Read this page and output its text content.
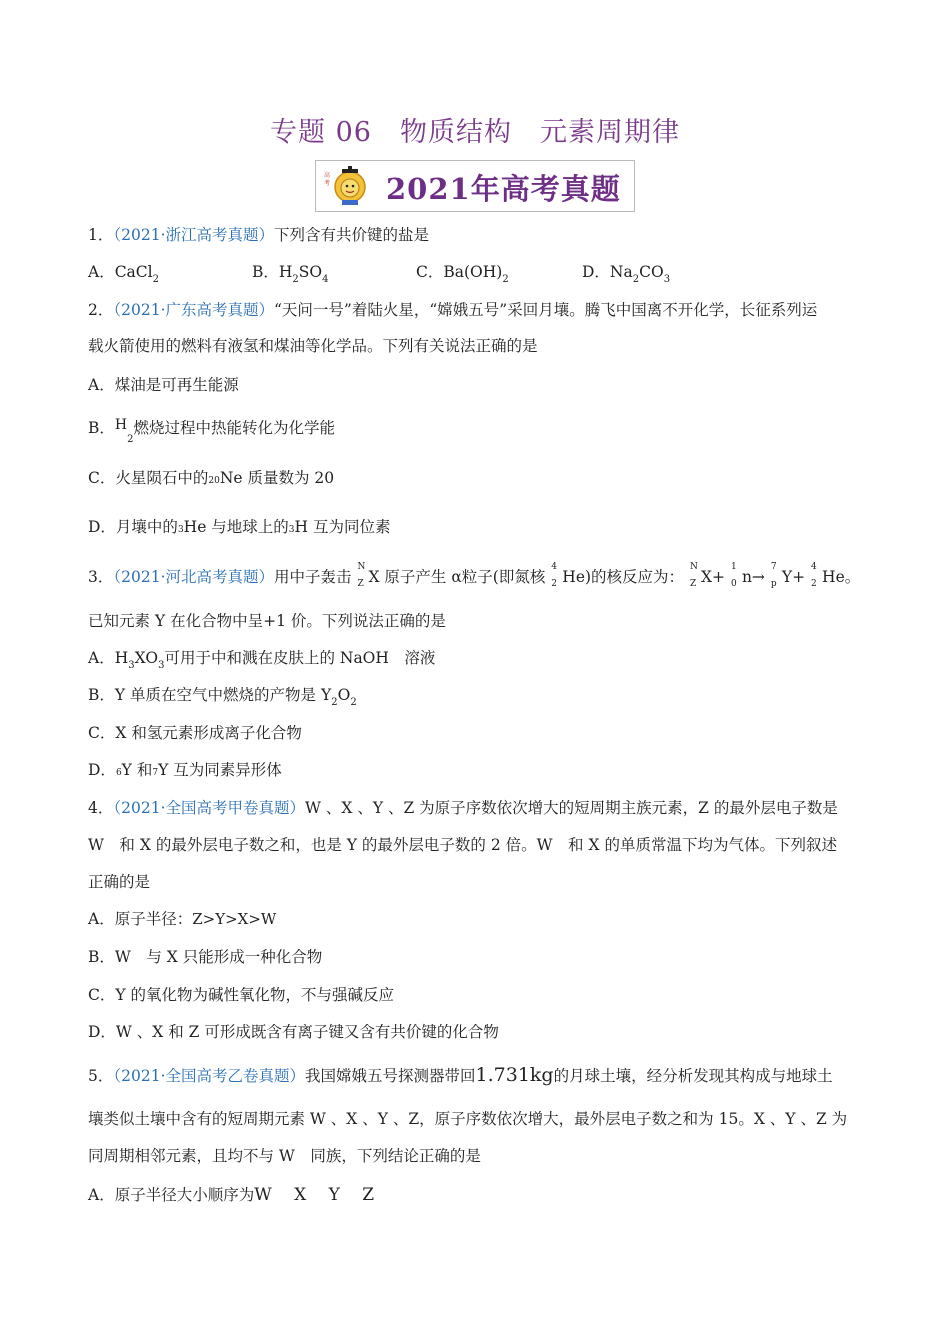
专题 06　物质结构　元素周期律
高
考 2021年高考真题
1．（2021·浙江高考真题）下列含有共价键的盐是
A．CaCl$_2$	B．$H_2SO_4$	C．$Ba(OH)_2$	D．$Na_2CO_3$
2．（2021·广东高考真题）“天问一号”着陆火星，“嫦娥五号”采回月壤。腾飞中国离不开化学，长征系列运
载火箭使用的燃料有液氢和煤油等化学品。下列有关说法正确的是
A．煤油是可再生能源
B．$H_2$燃烧过程中热能转化为化学能
C．火星陨石中的20Ne 质量数为 20
D．月壤中的3He 与地球上的3H 互为同位素
3．（2021·河北高考真题）用中子轰击
N
Z X 原子产生 α粒子(即氮核
4
2 He)的核反应为：
N
Z X+
1
0 n→
7
p Y+
4
2 He。
已知元素 Y 在化合物中呈+1 价。下列说法正确的是
A．$H_3XO_3$可用于中和溅在皮肤上的 NaOH　溶液
B．Y 单质在空气中燃烧的产物是 $Y_2O_2$
C．X 和氢元素形成离子化合物
D．6Y 和7Y 互为同素异形体
4．（2021·全国高考甲卷真题）W 、X 、Y 、Z 为原子序数依次增大的短周期主族元素，Z 的最外层电子数是
W　和 X 的最外层电子数之和，也是 Y 的最外层电子数的 2 倍。W　和 X 的单质常温下均为气体。下列叙述
正确的是
A．原子半径：Z>Y>X>W
B．W　与 X 只能形成一种化合物
C．Y 的氧化物为碱性氧化物，不与强碱反应
D．W 、X 和 Z 可形成既含有离子键又含有共价键的化合物
5．（2021·全国高考乙卷真题）我国嫦娥五号探测器带回1.731kg的月球土壤，经分析发现其构成与地球土
壤类似土壤中含有的短周期元素 W 、X 、Y 、Z，原子序数依次增大，最外层电子数之和为 15。X 、Y 、Z 为
同周期相邻元素，且均不与 W　同族，下列结论正确的是
A．原子半径大小顺序为W　 X　 Y　 Z
